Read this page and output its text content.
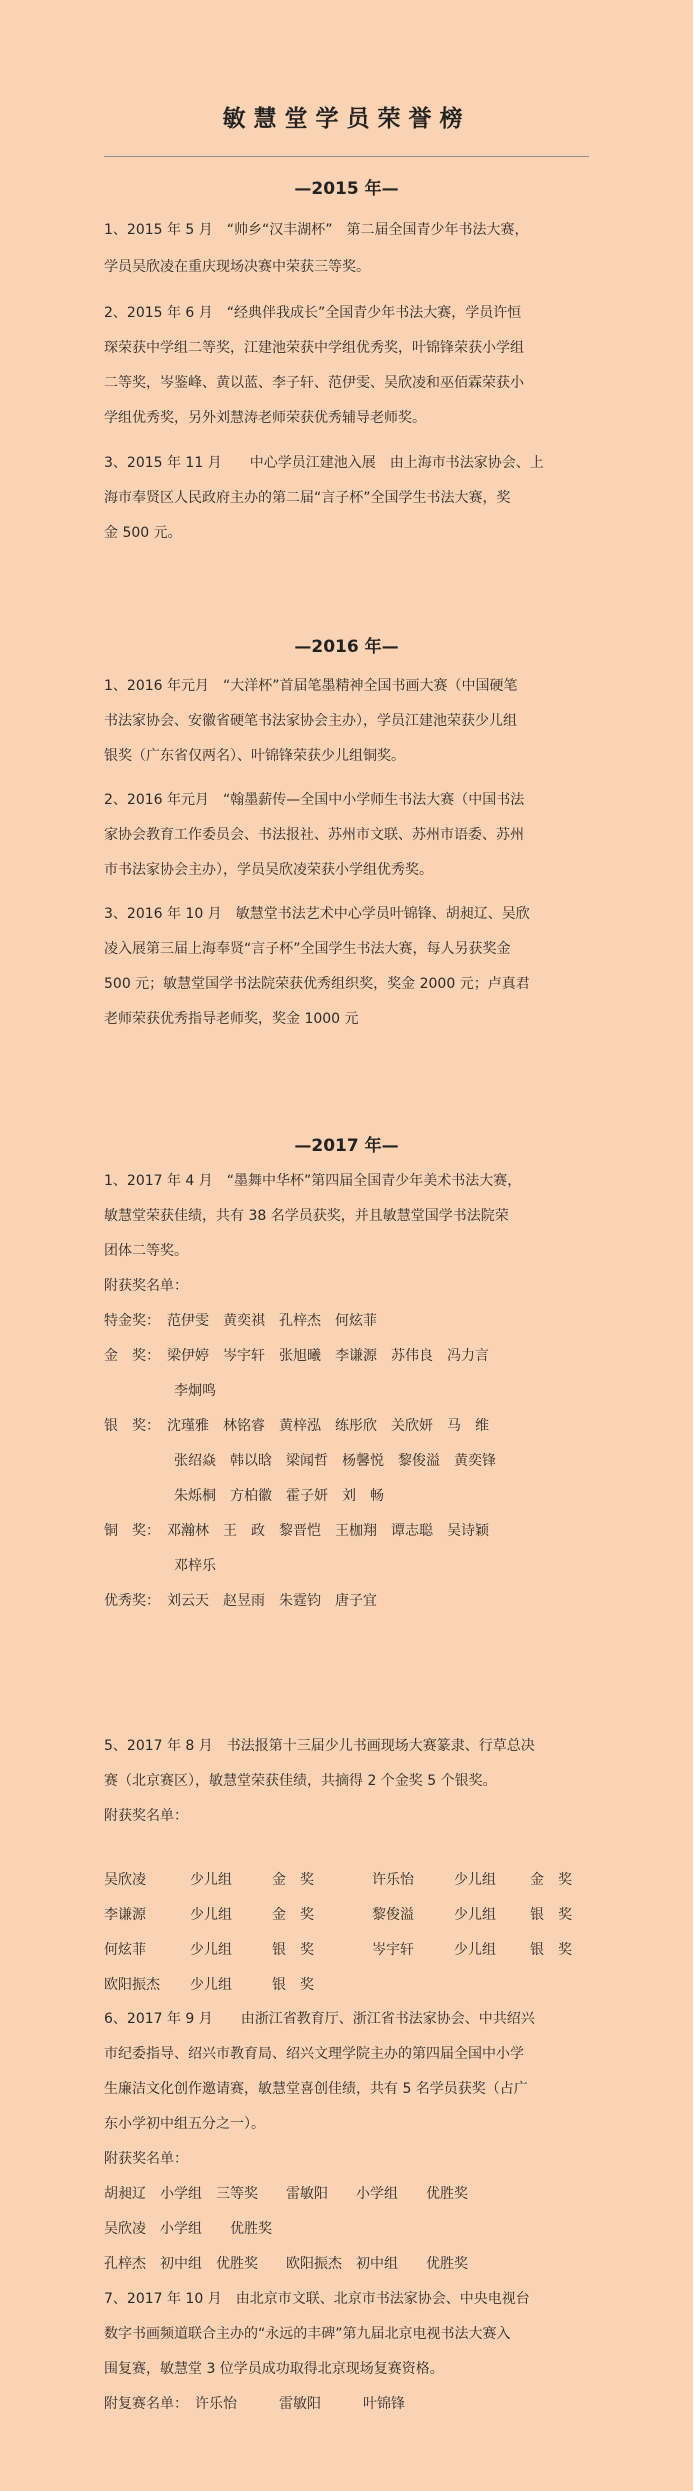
敏慧堂学员荣誉榜
—2015 年—
1、2015 年 5 月　“帅乡“汉丰湖杯”　第二届全国青少年书法大赛，
学员吴欣凌在重庆现场决赛中荣获三等奖。
2、2015 年 6 月　“经典伴我成长”全国青少年书法大赛，学员许恒
琛荣获中学组二等奖，江建池荣获中学组优秀奖，叶锦锋荣获小学组
二等奖，岑鉴峰、黄以蓝、李子轩、范伊雯、吴欣凌和巫佰霖荣获小
学组优秀奖，另外刘慧涛老师荣获优秀辅导老师奖。
3、2015 年 11 月　　中心学员江建池入展　由上海市书法家协会、上
海市奉贤区人民政府主办的第二届“言子杯”全国学生书法大赛，奖
金 500 元。
—2016 年—
1、2016 年元月　“大洋杯”首届笔墨精神全国书画大赛（中国硬笔
书法家协会、安徽省硬笔书法家协会主办），学员江建池荣获少儿组
银奖（广东省仅两名）、叶锦锋荣获少儿组铜奖。
2、2016 年元月　“翰墨薪传—全国中小学师生书法大赛（中国书法
家协会教育工作委员会、书法报社、苏州市文联、苏州市语委、苏州
市书法家协会主办），学员吴欣凌荣获小学组优秀奖。
3、2016 年 10 月　敏慧堂书法艺术中心学员叶锦锋、胡昶辽、吴欣
凌入展第三届上海奉贤“言子杯”全国学生书法大赛，每人另获奖金
500 元；敏慧堂国学书法院荣获优秀组织奖，奖金 2000 元；卢真君
老师荣获优秀指导老师奖，奖金 1000 元
—2017 年—
1、2017 年 4 月　“墨舞中华杯”第四届全国青少年美术书法大赛，
敏慧堂荣获佳绩，共有 38 名学员获奖，并且敏慧堂国学书法院荣
团体二等奖。
附获奖名单：
特金奖：　范伊雯　黄奕祺　孔梓杰　何炫菲
金　奖：　梁伊婷　岑宇轩　张旭曦　李谦源　苏伟良　冯力言
　　　　　李炯鸣
银　奖：　沈瑾雅　林铭睿　黄梓泓　练彤欣　关欣妍　马　维
　　　　　张绍焱　韩以晗　梁闻哲　杨馨悦　黎俊溢　黄奕锋
　　　　　朱烁桐　方柏徽　霍子妍　刘　畅
铜　奖：　邓瀚林　王　政　黎晋恺　王枷翔　谭志聪　吴诗颖
　　　　　邓梓乐
优秀奖：　刘云天　赵昱雨　朱霆钧　唐子宜
5、2017 年 8 月　书法报第十三届少儿书画现场大赛篆隶、行草总决
赛（北京赛区），敏慧堂荣获佳绩，共摘得 2 个金奖 5 个银奖。
附获奖名单：
吴欣凌	少儿组	金　奖	许乐怡	少儿组 金　奖
李谦源	少儿组	金　奖	黎俊溢	少儿组 银　奖
何炫菲	少儿组	银　奖	岑宇轩	少儿组 银　奖
欧阳振杰 少儿组	银　奖
6、2017 年 9 月　　由浙江省教育厅、浙江省书法家协会、中共绍兴
市纪委指导、绍兴市教育局、绍兴文理学院主办的第四届全国中小学
生廉洁文化创作邀请赛，敏慧堂喜创佳绩，共有 5 名学员获奖（占广
东小学初中组五分之一）。
附获奖名单：
胡昶辽　小学组　三等奖　　雷敏阳　　小学组　　优胜奖
吴欣凌　小学组　　优胜奖
孔梓杰　初中组　优胜奖　　欧阳振杰　初中组　　优胜奖
7、2017 年 10 月　由北京市文联、北京市书法家协会、中央电视台
数字书画频道联合主办的“永远的丰碑”第九届北京电视书法大赛入
围复赛，敏慧堂 3 位学员成功取得北京现场复赛资格。
附复赛名单：　许乐怡　　　雷敏阳　　　叶锦锋
